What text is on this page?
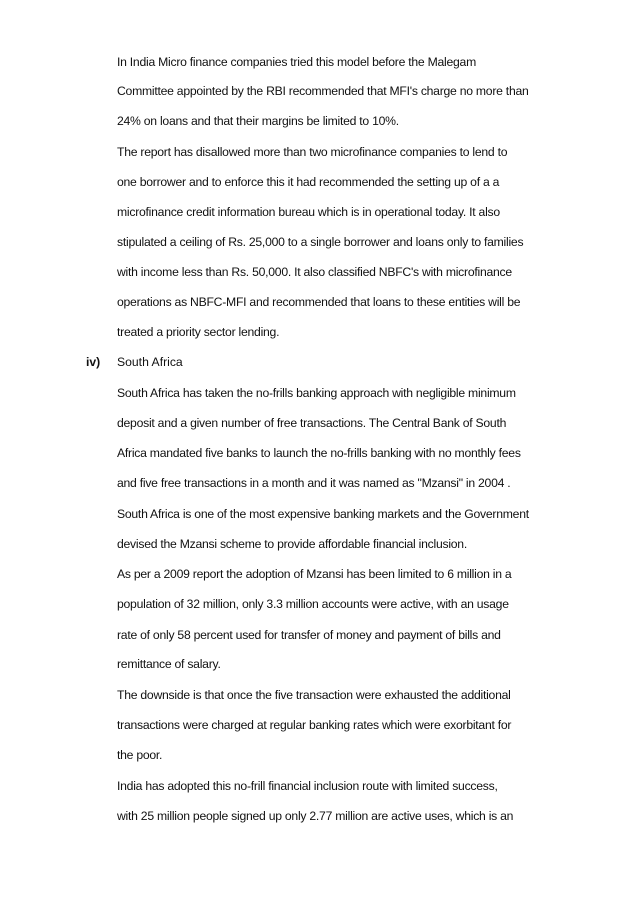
In India Micro finance companies tried this model before the Malegam
Committee appointed by the RBI recommended that MFI's charge no more than
24% on loans and that their margins be limited to 10%.
The report has disallowed more than two microfinance companies to lend to
one borrower and to enforce this it had recommended the setting up of a a
microfinance credit information bureau which is in operational today. It also
stipulated a ceiling of Rs. 25,000 to a single borrower and loans only to families
with income less than Rs. 50,000. It also classified NBFC's with microfinance
operations as NBFC-MFI and recommended that loans to these entities will be
treated a priority sector lending.
iv) South Africa
South Africa has taken the no-frills banking approach with negligible minimum
deposit and a given number of free transactions. The Central Bank of South
Africa mandated five banks to launch the no-frills banking with no monthly fees
and five free transactions in a month and it was named as "Mzansi" in 2004 .
South Africa is one of the most expensive banking markets and the Government
devised the Mzansi scheme to provide affordable financial inclusion.
As per a 2009 report the adoption of Mzansi has been limited to 6 million in a
population of 32 million, only 3.3 million accounts were active, with an usage
rate of only 58 percent used for transfer of money and payment of bills and
remittance of salary.
The downside is that once the five transaction were exhausted the additional
transactions were charged at regular banking rates which were exorbitant for
the poor.
India has adopted this no-frill financial inclusion route with limited success,
with 25 million people signed up only 2.77 million are active uses, which is an
